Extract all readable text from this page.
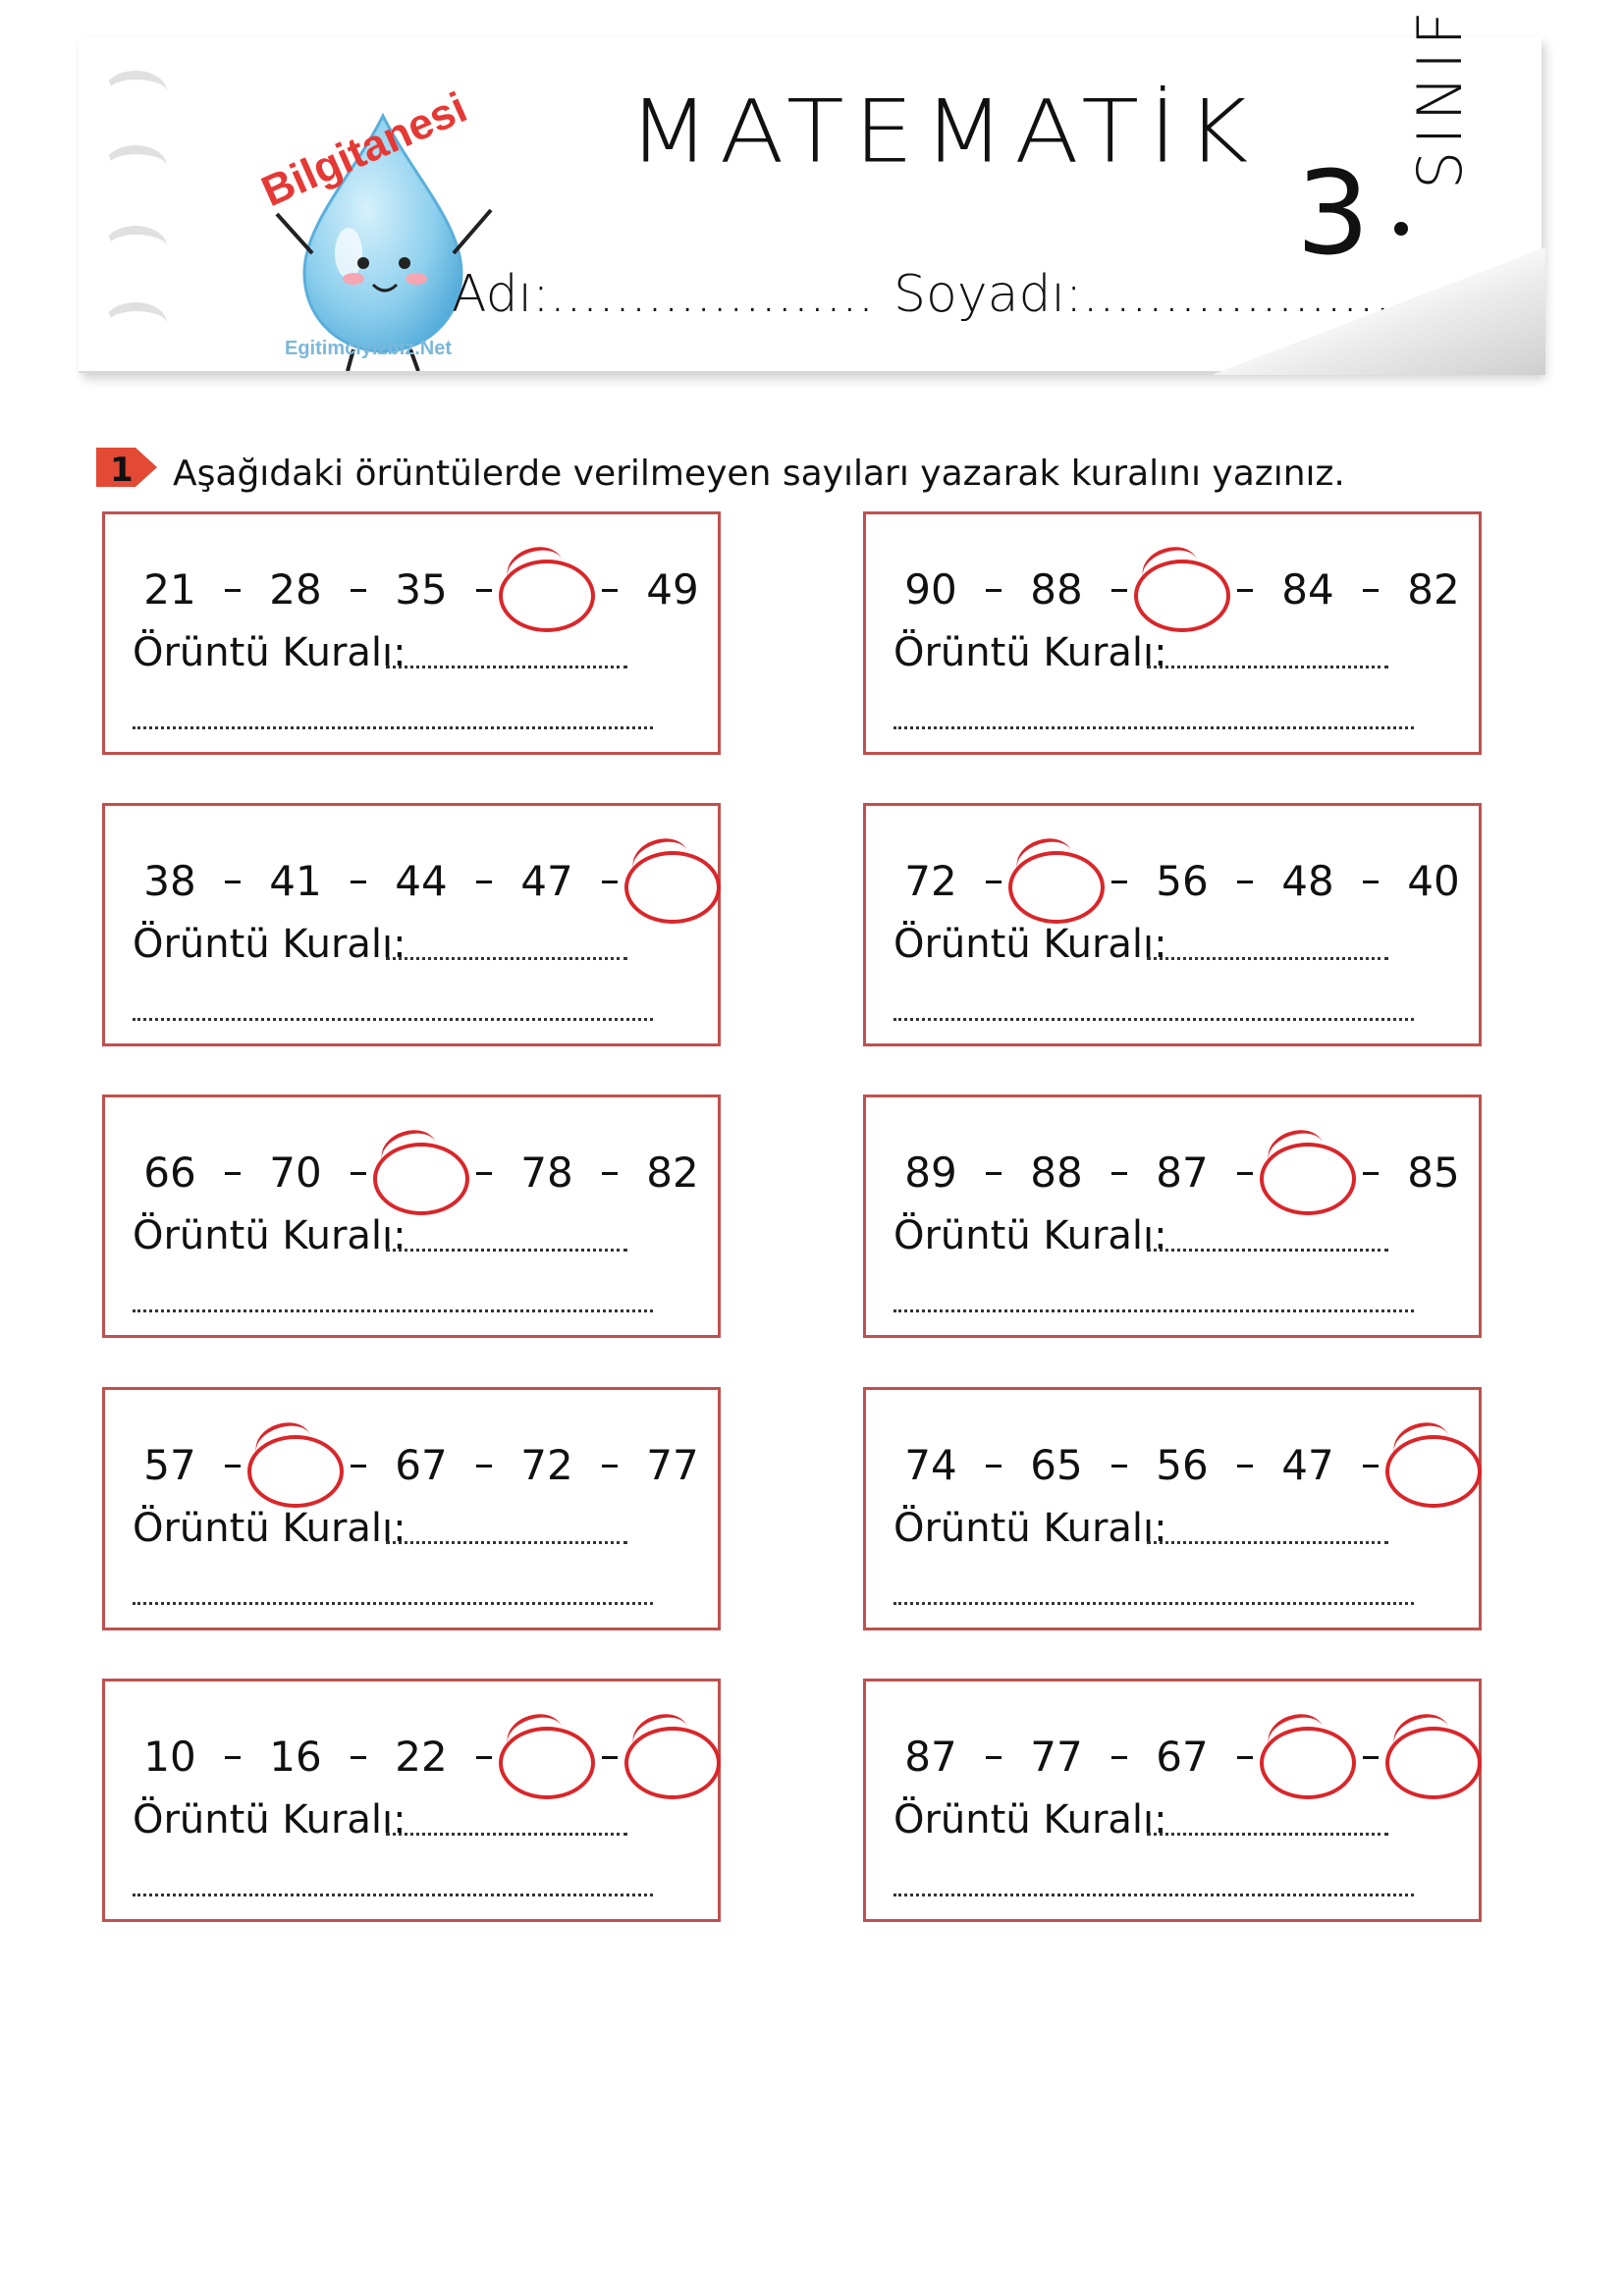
Bilgitanesi
Egitimciyizbiz.Net
MATEMATİK
3
SINIF
Adı:.................... Soyadı:....................
1 Aşağıdaki örüntülerde verilmeyen sayıları yazarak kuralını yazınız.
21 28 35	49
Örüntü Kuralı:
90 88	84 82
Örüntü Kuralı:
38 41 44 47
Örüntü Kuralı:
72	56 48 40
Örüntü Kuralı:
66 70	78 82
Örüntü Kuralı:
89 88 87	85
Örüntü Kuralı:
57	67 72 77
Örüntü Kuralı:
74 65 56 47
Örüntü Kuralı:
10 16 22
Örüntü Kuralı:
87 77 67
Örüntü Kuralı:
